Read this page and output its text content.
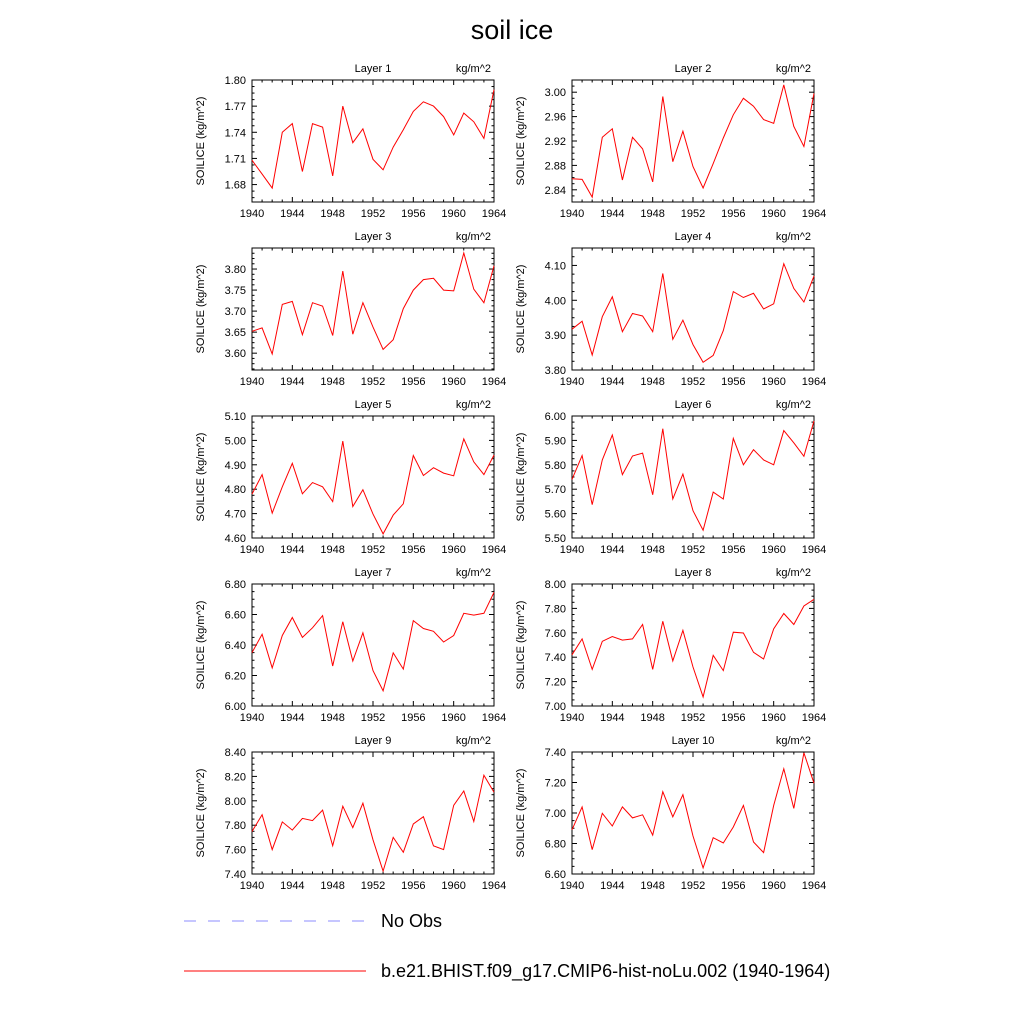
soil ice
1940 1944 1948 1952 1956 1960 1964
1.68
1.71
1.74
1.77
1.80
Layer 1	kg/m^2
SOILICE (kg/m^2)
1940 1944 1948 1952 1956 1960 1964
2.84
2.88
2.92
2.96
3.00
Layer 2	kg/m^2
SOILICE (kg/m^2)
1940 1944 1948 1952 1956 1960 1964
3.60
3.65
3.70
3.75
3.80
Layer 3	kg/m^2
SOILICE (kg/m^2)
1940 1944 1948 1952 1956 1960 1964
3.80
3.90
4.00
4.10
Layer 4	kg/m^2
SOILICE (kg/m^2)
1940 1944 1948 1952 1956 1960 1964
4.60
4.70
4.80
4.90
5.00
5.10
Layer 5	kg/m^2
SOILICE (kg/m^2)
1940 1944 1948 1952 1956 1960 1964
5.50
5.60
5.70
5.80
5.90
6.00
Layer 6	kg/m^2
SOILICE (kg/m^2)
1940 1944 1948 1952 1956 1960 1964
6.00
6.20
6.40
6.60
6.80
Layer 7	kg/m^2
SOILICE (kg/m^2)
1940 1944 1948 1952 1956 1960 1964
7.00
7.20
7.40
7.60
7.80
8.00
Layer 8	kg/m^2
SOILICE (kg/m^2)
1940 1944 1948 1952 1956 1960 1964
7.40
7.60
7.80
8.00
8.20
8.40
Layer 9	kg/m^2
SOILICE (kg/m^2)
1940 1944 1948 1952 1956 1960 1964
6.60
6.80
7.00
7.20
7.40
Layer 10	kg/m^2
SOILICE (kg/m^2)
No Obs
b.e21.BHIST.f09_g17.CMIP6-hist-noLu.002 (1940-1964)
